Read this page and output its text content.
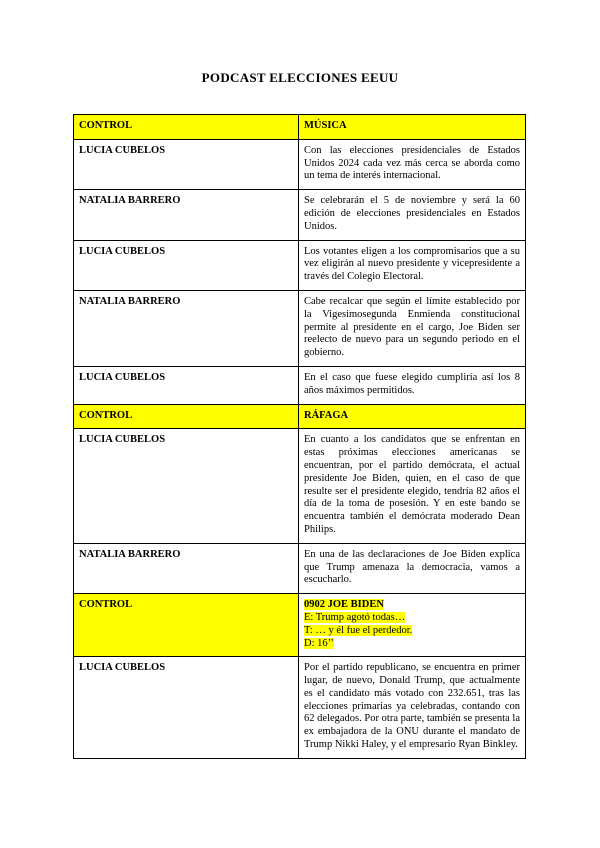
PODCAST ELECCIONES EEUU
CONTROL	MÚSICA
LUCIA CUBELOS	Con las elecciones presidenciales de Estados Unidos 2024 cada vez más cerca se aborda como un tema de interés internacional.
NATALIA BARRERO	Se celebrarán el 5 de noviembre y será la 60 edición de elecciones presidenciales en Estados Unidos.
LUCIA CUBELOS	Los votantes eligen a los compromisarios que a su vez eligirán al nuevo presidente y vicepresidente a través del Colegio Electoral.
NATALIA BARRERO	Cabe recalcar que según el límite establecido por la Vigesimosegunda Enmienda constitucional permite al presidente en el cargo, Joe Biden ser reelecto de nuevo para un segundo periodo en el gobierno.
LUCIA CUBELOS	En el caso que fuese elegido cumpliría así los 8 años máximos permitidos.
CONTROL	RÁFAGA
LUCIA CUBELOS	En cuanto a los candidatos que se enfrentan en estas próximas elecciones americanas se encuentran, por el partido demócrata, el actual presidente Joe Biden, quien, en el caso de que resulte ser el presidente elegido, tendría 82 años el día de la toma de posesión. Y en este bando se encuentra también el demócrata moderado Dean Philips.
NATALIA BARRERO	En una de las declaraciones de Joe Biden explica que Trump amenaza la democracia, vamos a escucharlo.
CONTROL	0902 JOE BIDEN
E: Trump agotó todas…
T: … y él fue el perdedor.
D: 16’’
LUCIA CUBELOS	Por el partido republicano, se encuentra en primer lugar, de nuevo, Donald Trump, que actualmente es el candidato más votado con 232.651, tras las elecciones primarias ya celebradas, contando con 62 delegados. Por otra parte, también se presenta la ex embajadora de la ONU durante el mandato de Trump Nikki Haley, y el empresario Ryan Binkley.
